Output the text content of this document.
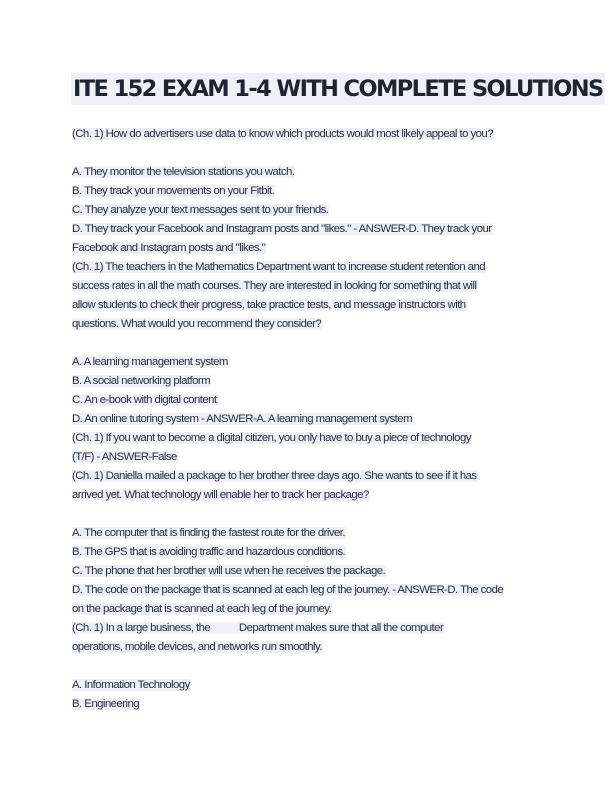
ITE 152 EXAM 1-4 WITH COMPLETE SOLUTIONS
(Ch. 1) How do advertisers use data to know which products would most likely appeal to you?
A. They monitor the television stations you watch.
B. They track your movements on your Fitbit.
C. They analyze your text messages sent to your friends.
D. They track your Facebook and Instagram posts and "likes." - ANSWER-D. They track your
Facebook and Instagram posts and "likes."
(Ch. 1) The teachers in the Mathematics Department want to increase student retention and
success rates in all the math courses. They are interested in looking for something that will
allow students to check their progress, take practice tests, and message instructors with
questions. What would you recommend they consider?
A. A learning management system
B. A social networking platform
C. An e-book with digital content
D. An online tutoring system - ANSWER-A. A learning management system
(Ch. 1) If you want to become a digital citizen, you only have to buy a piece of technology
(T/F) - ANSWER-False
(Ch. 1) Daniella mailed a package to her brother three days ago. She wants to see if it has
arrived yet. What technology will enable her to track her package?
A. The computer that is finding the fastest route for the driver.
B. The GPS that is avoiding traffic and hazardous conditions.
C. The phone that her brother will use when he receives the package.
D. The code on the package that is scanned at each leg of the journey. - ANSWER-D. The code
on the package that is scanned at each leg of the journey.
(Ch. 1) In a large business, the           Department makes sure that all the computer
operations, mobile devices, and networks run smoothly.
A. Information Technology
B. Engineering
